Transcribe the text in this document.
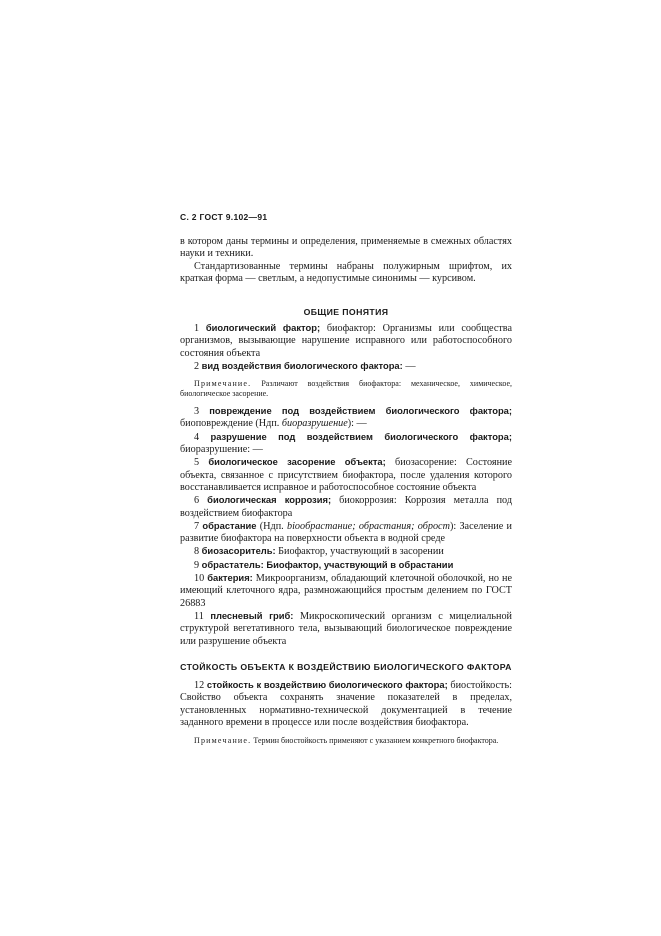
С. 2 ГОСТ 9.102—91

в котором даны термины и определения, применяемые в смежных областях науки и техники.

Стандартизованные термины набраны полужирным шрифтом, их краткая форма — светлым, а недопустимые синонимы — курсивом.

ОБЩИЕ ПОНЯТИЯ

1 биологический фактор; биофактор: Организмы или сообщества организмов, вызывающие нарушение исправного или работоспособного состояния объекта

2 вид воздействия биологического фактора: —

Примечание. Различают воздействия биофактора: механическое, химическое, биологическое засорение.

3 повреждение под воздействием биологического фактора; биоповреждение (Ндп. биоразрушение): —

4 разрушение под воздействием биологического фактора; биоразрушение: —

5 биологическое засорение объекта; биозасорение: Состояние объекта, связанное с присутствием биофактора, после удаления которого восстанавливается исправное и работоспособное состояние объекта

6 биологическая коррозия; биокоррозия: Коррозия металла под воздействием биофактора

7 обрастание (Ндп. biooбрастание; обрастания; оброст): Заселение и развитие биофактора на поверхности объекта в водной среде

8 биозасоритель: Биофактор, участвующий в засорении

9 обрастатель: Биофактор, участвующий в обрастании

10 бактерия: Микроорганизм, обладающий клеточной оболочкой, но не имеющий клеточного ядра, размножающийся простым делением по ГОСТ 26883

11 плесневый гриб: Микроскопический организм с мицелиальной структурой вегетативного тела, вызывающий биологическое повреждение или разрушение объекта

СТОЙКОСТЬ ОБЪЕКТА К ВОЗДЕЙСТВИЮ БИОЛОГИЧЕСКОГО ФАКТОРА

12 стойкость к воздействию биологического фактора; биостойкость: Свойство объекта сохранять значение показателей в пределах, установленных нормативно-технической документацией в течение заданного времени в процессе или после воздействия биофактора.

Примечание. Термин биостойкость применяют с указанием конкретного биофактора.
